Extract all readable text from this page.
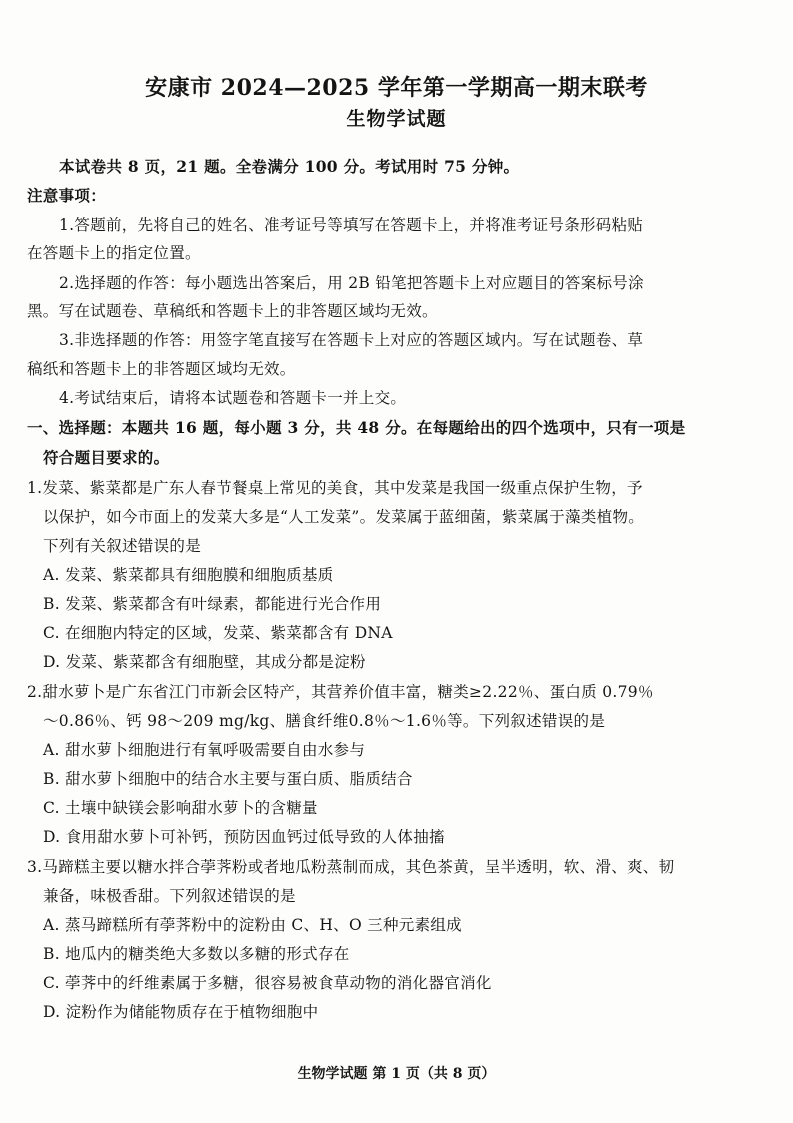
安康市 2024—2025 学年第一学期高一期末联考
生物学试题
本试卷共 8 页，21 题。全卷满分 100 分。考试用时 75 分钟。
注意事项：
1.答题前，先将自己的姓名、准考证号等填写在答题卡上，并将准考证号条形码粘贴
在答题卡上的指定位置。
2.选择题的作答：每小题选出答案后，用 2B 铅笔把答题卡上对应题目的答案标号涂
黑。写在试题卷、草稿纸和答题卡上的非答题区域均无效。
3.非选择题的作答：用签字笔直接写在答题卡上对应的答题区域内。写在试题卷、草
稿纸和答题卡上的非答题区域均无效。
4.考试结束后，请将本试题卷和答题卡一并上交。
一、选择题：本题共 16 题，每小题 3 分，共 48 分。在每题给出的四个选项中，只有一项是
符合题目要求的。
1.发菜、紫菜都是广东人春节餐桌上常见的美食，其中发菜是我国一级重点保护生物，予
以保护，如今市面上的发菜大多是“人工发菜”。发菜属于蓝细菌，紫菜属于藻类植物。
下列有关叙述错误的是
A. 发菜、紫菜都具有细胞膜和细胞质基质
B. 发菜、紫菜都含有叶绿素，都能进行光合作用
C. 在细胞内特定的区域，发菜、紫菜都含有 DNA
D. 发菜、紫菜都含有细胞壁，其成分都是淀粉
2.甜水萝卜是广东省江门市新会区特产，其营养价值丰富，糖类≥2.22％、蛋白质 0.79％
～0.86％、钙 98～209 mg/kg、膳食纤维0.8％～1.6％等。下列叙述错误的是
A. 甜水萝卜细胞进行有氧呼吸需要自由水参与
B. 甜水萝卜细胞中的结合水主要与蛋白质、脂质结合
C. 土壤中缺镁会影响甜水萝卜的含糖量
D. 食用甜水萝卜可补钙，预防因血钙过低导致的人体抽搐
3.马蹄糕主要以糖水拌合荸荠粉或者地瓜粉蒸制而成，其色茶黄，呈半透明，软、滑、爽、韧
兼备，味极香甜。下列叙述错误的是
A. 蒸马蹄糕所有荸荠粉中的淀粉由 C、H、O 三种元素组成
B. 地瓜内的糖类绝大多数以多糖的形式存在
C. 荸荠中的纤维素属于多糖，很容易被食草动物的消化器官消化
D. 淀粉作为储能物质存在于植物细胞中
生物学试题 第 1 页（共 8 页）
